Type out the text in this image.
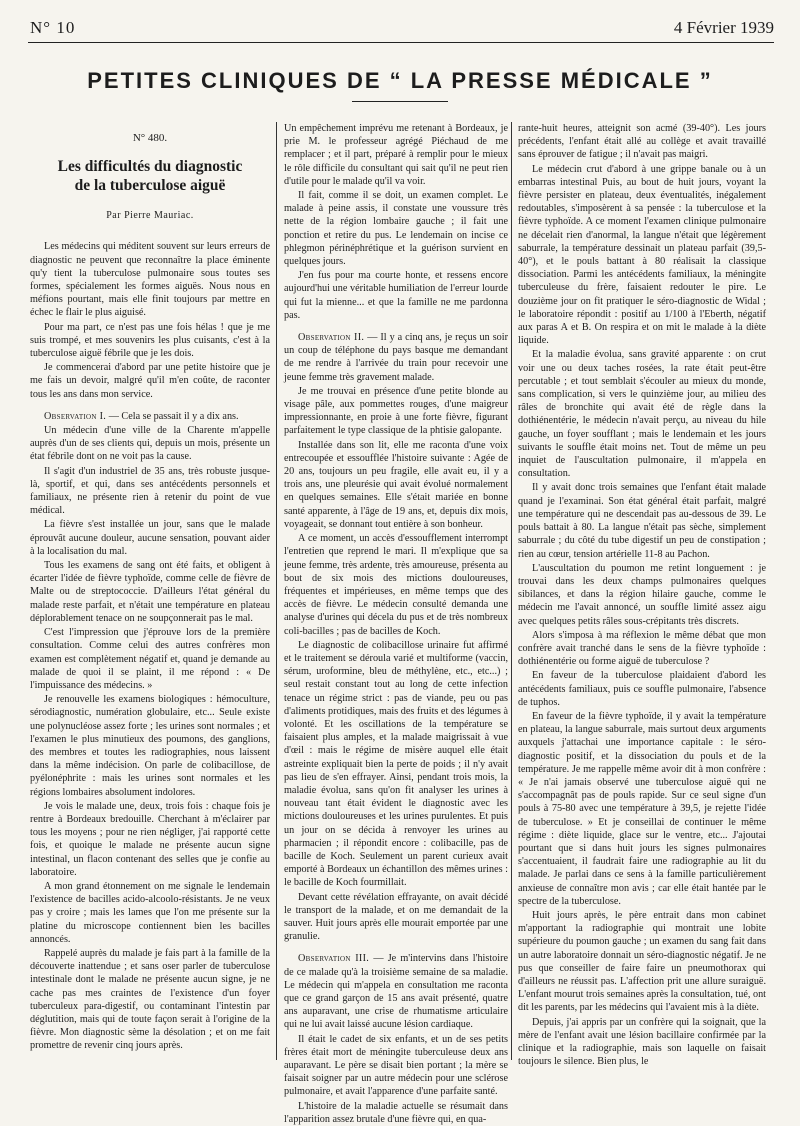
N° 10	4 Février 1939
PETITES CLINIQUES DE “ LA PRESSE MÉDICALE ”
N° 480.
Les difficultés du diagnostic
de la tuberculose aiguë
Par Pierre Mauriac.

Les médecins qui méditent souvent sur leurs erreurs de diagnostic ne peuvent que reconnaître la place éminente qu'y tient la tuberculose pulmonaire sous toutes ses formes, spécialement les formes aiguës. Nous nous en méfions pourtant, mais elle finit toujours par mettre en échec le flair le plus aiguisé.

Pour ma part, ce n'est pas une fois hélas ! que je me suis trompé, et mes souvenirs les plus cuisants, c'est à la tuberculose aiguë fébrile que je les dois.

Je commencerai d'abord par une petite histoire que je me fais un devoir, malgré qu'il m'en coûte, de raconter tous les ans dans mon service.

Observation I. — Cela se passait il y a dix ans.

Un médecin d'une ville de la Charente m'appelle auprès d'un de ses clients qui, depuis un mois, présente un état fébrile dont on ne voit pas la cause.

Il s'agit d'un industriel de 35 ans, très robuste jusque-là, sportif, et qui, dans ses antécédents personnels et familiaux, ne présente rien à retenir du point de vue médical.

La fièvre s'est installée un jour, sans que le malade éprouvât aucune douleur, aucune sensation, pouvant aider à la localisation du mal.

Tous les examens de sang ont été faits, et obligent à écarter l'idée de fièvre typhoïde, comme celle de fièvre de Malte ou de streptococcie. D'ailleurs l'état général du malade reste parfait, et n'était une température en plateau déplorablement tenace on ne soupçonnerait pas le mal.

C'est l'impression que j'éprouve lors de la première consultation. Comme celui des autres confrères mon examen est complètement négatif et, quand je demande au malade de quoi il se plaint, il me répond : « De l'impuissance des médecins. »

Je renouvelle les examens biologiques : hémoculture, sérodiagnostic, numération globulaire, etc... Seule existe une polynucléose assez forte ; les urines sont normales ; et l'examen le plus minutieux des poumons, des ganglions, des membres et toutes les radiographies, nous laissent dans la même indécision. On parle de colibacillose, de pyélonéphrite : mais les urines sont normales et les régions lombaires absolument indolores.

Je vois le malade une, deux, trois fois : chaque fois je rentre à Bordeaux bredouille. Cherchant à m'éclairer par tous les moyens ; pour ne rien négliger, j'ai rapporté cette fois, et quoique le malade ne présente aucun signe intestinal, un flacon contenant des selles que je confie au laboratoire.

A mon grand étonnement on me signale le lendemain l'existence de bacilles acido-alcoolo-résistants. Je ne veux pas y croire ; mais les lames que l'on me présente sur la platine du microscope contiennent bien les bacilles annoncés.

Rappelé auprès du malade je fais part à la famille de la découverte inattendue ; et sans oser parler de tuberculose intestinale dont le malade ne présente aucun signe, je ne cache pas mes craintes de l'existence d'un foyer tuberculeux para-digestif, ou contaminant l'intestin par déglutition, mais qui de toute façon serait à l'origine de la fièvre. Mon diagnostic sème la désolation ; et on me fait promettre de revenir cinq jours après.

Un empêchement imprévu me retenant à Bordeaux, je prie M. le professeur agrégé Piéchaud de me remplacer ; et il part, préparé à remplir pour le mieux le rôle difficile du consultant qui sait qu'il ne peut rien d'utile pour le malade qu'il va voir.

Il fait, comme il se doit, un examen complet. Le malade à peine assis, il constate une voussure très nette de la région lombaire gauche ; il fait une ponction et retire du pus. Le lendemain on incise ce phlegmon périnéphrétique et la guérison survient en quelques jours.

J'en fus pour ma courte honte, et ressens encore aujourd'hui une véritable humiliation de l'erreur lourde qui fut la mienne... et que la famille ne me pardonna pas.

Observation II. — Il y a cinq ans, je reçus un soir un coup de téléphone du pays basque me demandant de me rendre à l'arrivée du train pour recevoir une jeune femme très gravement malade.

Je me trouvai en présence d'une petite blonde au visage pâle, aux pommettes rouges, d'une maigreur impressionnante, en proie à une forte fièvre, figurant parfaitement le type classique de la phtisie galopante.

Installée dans son lit, elle me raconta d'une voix entrecoupée et essoufflée l'histoire suivante : Agée de 20 ans, toujours un peu fragile, elle avait eu, il y a trois ans, une pleurésie qui avait évolué normalement en quelques semaines. Elle s'était mariée en bonne santé apparente, à l'âge de 19 ans, et, depuis dix mois, voyageait, se donnant tout entière à son bonheur.

A ce moment, un accès d'essoufflement interrompt l'entretien que reprend le mari. Il m'explique que sa jeune femme, très ardente, très amoureuse, présenta au bout de six mois des mictions douloureuses, fréquentes et impérieuses, en même temps que des accès de fièvre. Le médecin consulté demanda une analyse d'urines qui décela du pus et de très nombreux coli-bacilles ; pas de bacilles de Koch.

Le diagnostic de colibacillose urinaire fut affirmé et le traitement se déroula varié et multiforme (vaccin, sérum, uroformine, bleu de méthylène, etc., etc...) ; seul restait constant tout au long de cette infection tenace un régime strict : pas de viande, peu ou pas d'aliments protidiques, mais des fruits et des légumes à volonté. Et les oscillations de la température se faisaient plus amples, et la malade maigrissait à vue d'œil : mais le régime de misère auquel elle était astreinte expliquait bien la perte de poids ; il n'y avait pas lieu de s'en effrayer. Ainsi, pendant trois mois, la maladie évolua, sans qu'on fit analyser les urines à nouveau tant était évident le diagnostic avec les mictions douloureuses et les urines purulentes. Et puis un jour on se décida à renvoyer les urines au pharmacien ; il répondit encore : colibacille, pas de bacille de Koch. Seulement un parent curieux avait emporté à Bordeaux un échantillon des mêmes urines : le bacille de Koch fourmillait.

Devant cette révélation effrayante, on avait décidé le transport de la malade, et on me demandait de la sauver. Huit jours après elle mourait emportée par une granulie.

Observation III. — Je m'intervins dans l'histoire de ce malade qu'à la troisième semaine de sa maladie. Le médecin qui m'appela en consultation me raconta que ce grand garçon de 15 ans avait présenté, quatre ans auparavant, une crise de rhumatisme articulaire qui ne lui avait laissé aucune lésion cardiaque.

Il était le cadet de six enfants, et un de ses petits frères était mort de méningite tuberculeuse deux ans auparavant. Le père se disait bien portant ; la mère se faisait soigner par un autre médecin pour une sclérose pulmonaire, et avait l'apparence d'une parfaite santé.

L'histoire de la maladie actuelle se résumait dans l'apparition assez brutale d'une fièvre qui, en qua-

rante-huit heures, atteignit son acmé (39-40°). Les jours précédents, l'enfant était allé au collège et avait travaillé sans éprouver de fatigue ; il n'avait pas maigri.

Le médecin crut d'abord à une grippe banale ou à un embarras intestinal Puis, au bout de huit jours, voyant la fièvre persister en plateau, deux éventualités, inégalement redoutables, s'imposèrent à sa pensée : la tuberculose et la fièvre typhoïde. A ce moment l'examen clinique pulmonaire ne décelait rien d'anormal, la langue n'était que légèrement saburrale, la température dessinait un plateau parfait (39,5-40°), et le pouls battant à 80 réalisait la classique dissociation. Parmi les antécédents familiaux, la méningite tuberculeuse du frère, faisaient redouter le pire. Le douzième jour on fit pratiquer le séro-diagnostic de Widal ; le laboratoire répondit : positif au 1/100 à l'Eberth, négatif aux paras A et B. On respira et on mit le malade à la diète liquide.

Et la maladie évolua, sans gravité apparente : on crut voir une ou deux taches rosées, la rate était peut-être percutable ; et tout semblait s'écouler au mieux du monde, sans complication, si vers le quinzième jour, au milieu des râles de bronchite qui avait été de règle dans la dothiénentérie, le médecin n'avait perçu, au niveau du hile gauche, un foyer soufflant ; mais le lendemain et les jours suivants le souffle était moins net. Tout de même un peu inquiet de l'auscultation pulmonaire, il m'appela en consultation.

Il y avait donc trois semaines que l'enfant était malade quand je l'examinai. Son état général était parfait, malgré une température qui ne descendait pas au-dessous de 39. Le pouls battait à 80. La langue n'était pas sèche, simplement saburrale ; du côté du tube digestif un peu de constipation ; rien au cœur, tension artérielle 11-8 au Pachon.

L'auscultation du poumon me retint longuement : je trouvai dans les deux champs pulmonaires quelques sibilances, et dans la région hilaire gauche, comme le médecin me l'avait annoncé, un souffle limité assez aigu avec quelques petits râles sous-crépitants très discrets.

Alors s'imposa à ma réflexion le même débat que mon confrère avait tranché dans le sens de la fièvre typhoïde : dothiénentérie ou forme aiguë de tuberculose ?

En faveur de la tuberculose plaidaient d'abord les antécédents familiaux, puis ce souffle pulmonaire, l'absence de tuphos.

En faveur de la fièvre typhoïde, il y avait la température en plateau, la langue saburrale, mais surtout deux arguments auxquels j'attachai une importance capitale : le séro-diagnostic positif, et la dissociation du pouls et de la température. Je me rappelle même avoir dit à mon confrère : « Je n'ai jamais observé une tuberculose aiguë qui ne s'accompagnât pas de pouls rapide. Sur ce seul signe d'un pouls à 75-80 avec une température à 39,5, je rejette l'idée de tuberculose. » Et je conseillai de continuer le même régime : diète liquide, glace sur le ventre, etc... J'ajoutai pourtant que si dans huit jours les signes pulmonaires s'accentuaient, il faudrait faire une radiographie au lit du malade. Je parlai dans ce sens à la famille particulièrement anxieuse de connaître mon avis ; car elle était hantée par le spectre de la tuberculose.

Huit jours après, le père entrait dans mon cabinet m'apportant la radiographie qui montrait une lobite supérieure du poumon gauche ; un examen du sang fait dans un autre laboratoire donnait un séro-diagnostic négatif. Je ne pus que conseiller de faire faire un pneumothorax qui d'ailleurs ne réussit pas. L'affection prit une allure suraiguë. L'enfant mourut trois semaines après la consultation, tué, ont dit les parents, par les médecins qui l'avaient mis à la diète.

Depuis, j'ai appris par un confrère qui la soignait, que la mère de l'enfant avait une lésion bacillaire confirmée par la clinique et la radiographie, mais son laquelle on faisait toujours le silence. Bien plus, le
